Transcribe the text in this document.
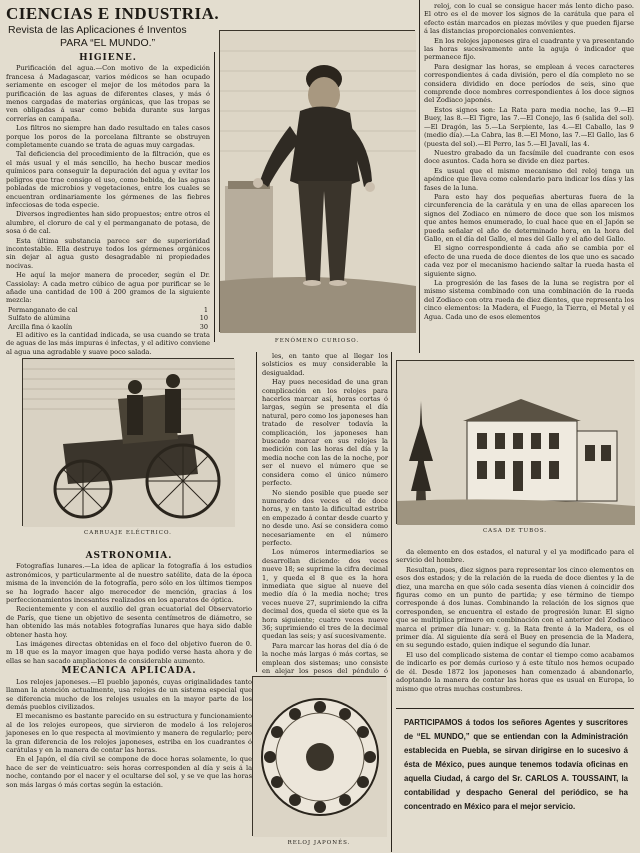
CIENCIAS E INDUSTRIA.
Revista de las Aplicaciones é Inventos
PARA “EL MUNDO.”
HIGIENE.

Purificación del agua.—Con motivo de la expedición francesa á Madagascar, varios médicos se han ocupado seriamente en escoger el mejor de los métodos para la purificación de las aguas de diferentes clases, y más ó menos cargadas de materias orgánicas, que las tropas se ven obligadas á usar como bebida durante sus largas correrías en campaña.

Los filtros no siempre han dado resultado en tales casos porque los poros de la porcelana filtrante se obstruyen completamente cuando se trata de aguas muy cargadas.

Tal deficiencia del procedimiento de la filtración, que es el más usual y el más sencillo, ha hecho buscar medios químicos para conseguir la depuración del agua y evitar los peligros que trae consigo el uso, como bebida, de las aguas pobladas de microbios y vegetaciones, entre los cuales se encuentran ordinariamente los gérmenes de las fiebres infecciosas de toda especie.

Diversos ingredientes han sido propuestos; entre otros el alumbre, el cloruro de cal y el permanganato de potasa, de sosa ó de cal.

Esta última substancia parece ser de superioridad incontestable. Ella destruye todos los gérmenes orgánicos sin dejar al agua gusto desagradable ni propiedades nocivas.

He aquí la mejor manera de proceder, según el Dr. Cassiolay: A cada metro cúbico de agua por purificar se le añade una cantidad de 100 á 200 gramos de la siguiente mezcla:

Permanganato de cal	1
Sulfato de alúmina	10
Arcilla fina ó kaolín	30

El aditivo es la cantidad indicada, se usa cuando se trata de aguas de las más impuras é infectas, y el aditivo conviene al agua una agradable y suave poco salada.

FENÓMENO CURIOSO.

reloj, con lo cual se consigue hacer más lento dicho paso. El otro es el de mover los signos de la carátula que para el efecto están marcados en piezas móviles y que pueden fijarse á las distancias proporcionales convenientes.

En los relojes japoneses gira el cuadrante y va presentando las horas sucesivamente ante la aguja ó indicador que permanece fijo.

Para designar las horas, se emplean á veces caracteres correspondientes á cada división, pero el día completo no se considera dividido en doce períodos de seis, sino que comprende doce nombres correspondientes á los doce signos del Zodiaco japonés.

Estos signos son: La Rata para media noche, las 9.—El Buey, las 8.—El Tigre, las 7.—El Conejo, las 6 (salida del sol).—El Dragón, las 5.—La Serpiente, las 4.—El Caballo, las 9 (medio día).—La Cabra, las 8.—El Mono, las 7.—El Gallo, las 6 (puesta del sol).—El Perro, las 5.—El Javalí, las 4.

Nuestro grabado da un facsímile del cuadrante con esos doce asuntos. Cada hora se divide en diez partes.

Es usual que el mismo mecanismo del reloj tenga un apéndice que lleva como calendario para indicar los días y las fases de la luna.

Para esto hay dos pequeñas aberturas fuera de la circunferencia de la carátula y en una de ellas aparecen los signos del Zodiaco en número de doce que son los mismos que antes hemos enumerado, lo cual hace que en el Japón se pueda señalar el año de determinado hora, en la hora del Gallo, en el día del Gallo, el mes del Gallo y el año del Gallo.

El signo correspondiente á cada año se cambia por el efecto de una rueda de doce dientes de los que uno es sacado cada vez por el mecanismo haciendo saltar la rueda hasta el siguiente signo.

La progresión de las fases de la luna se registra por el mismo sistema combinado con una combinación de la rueda del Zodiaco con otra rueda de diez dientes, que representa los cinco elementos: la Madera, el Fuego, la Tierra, el Metal y el Agua. Cada uno de esos elementos

CARRUAJE ELÉCTRICO.

les, en tanto que al llegar los solsticios es muy considerable la desigualdad.

Hay pues necesidad de una gran complicación en los relojes para hacerlos marcar así, horas cortas ó largas, según se presenta el día natural, pero como los japoneses han tratado de resolver todavía la complicación, los japoneses han buscado marcar en sus relojes la medición con las horas del día y la media noche con las de la noche, por ser el nuevo el número que se considera como el único número perfecto.

No siendo posible que puede ser numerado dos veces el de doce horas, y en tanto la dificultad estriba en empezado á contar desde cuarto y no desde uno. Así se considera como necesariamente en el número perfecto.

Los números intermediarios se desarrollan diciendo: dos veces nueve 18; se suprime la cifra decimal 1, y queda el 8 que es la hora inmediata que sigue al nueve del medio día ó la media noche; tres veces nueve 27, suprimiendo la cifra decimal dos, queda el siete que es la hora siguiente; cuatro veces nueve 36; suprimiendo el tres de la decimal quedan las seis; y así sucesivamente.

Para marcar las horas del día ó de la noche más largas ó más cortas, se emplean dos sistemas; uno consiste en alejar los pesos del péndulo ó

CASA DE TUBOS.
ASTRONOMIA.

Fotografías lunares.—La idea de aplicar la fotografía á los estudios astronómicos, y particularmente al de nuestro satélite, data de la época misma de la invención de la fotografía, pero sólo en los últimos tiempos se ha logrado hacer algo merecedor de mención, gracias á los perfeccionamientos incesantes realizados en los aparatos de óptica.

Recientemente y con el auxilio del gran ecuatorial del Observatorio de París, que tiene un objetivo de sesenta centímetros de diámetro, se han obtenido las más notables fotografías lunares que haya sido dable obtener hasta hoy.

Las imágenes directas obtenidas en el foco del objetivo fueron de 0. m 18 que es la mayor imagen que haya podido verse hasta ahora y de ellas se han sacado ampliaciones de considerable aumento.

MECANICA APLICADA.

Los relojes japoneses.—El pueblo japonés, cuyas originalidades tanto llaman la atención actualmente, usa relojes de un sistema especial que se diferencia mucho de los relojes usuales en la mayor parte de los demás pueblos civilizados.

El mecanismo es bastante parecido en su estructura y funcionamiento al de los relojes europeos, que sirvieron de modelo á los relojeros japoneses en lo que respecta al movimiento y manera de regularlo; pero la gran diferencia de los relojes japoneses, estriba en los cuadrantes ó carátulas y en la manera de contar las horas.

En el Japón, el día civil se compone de doce horas solamente, lo que hace de ser de veinticuatro: seis horas corresponden al día y seis á la noche, contando por el nacer y el ocultarse del sol, y se ve que las horas son más largas ó más cortas según la estación.

RELOJ JAPONÉS.

da elemento en dos estados, el natural y el ya modificado para el servicio del hombre.

Resultan, pues, diez signos para representar los cinco elementos en esos dos estados; y de la relación de la rueda de doce dientes y la de diez, una marcha en que sólo cada sesenta días vienen á coincidir dos figuras como en un punto de partida; y ese término de tiempo corresponde á dos lunas. Combinando la relación de los signos que corresponden, se encuentra el estado de progresión lunar. El signo que se multiplica primero en combinación con el anterior del Zodiaco marca el primer día lunar: v. g. la Rata frente á la Madera, es el primer día. Al siguiente día será el Buey en presencia de la Madera, en su segundo estado, quien indique el segundo día lunar.

El uso del complicado sistema de contar el tiempo como acabamos de indicarlo es por demás curioso y á este título nos hemos ocupado de él. Desde 1872 los japoneses han comenzado á abandonarlo, adoptando la manera de contar las horas que es usual en Europa, lo mismo que otras muchas costumbres.

PARTICIPAMOS á todos los señores Agentes y suscritores de “EL MUNDO,” que se entiendan con la Administración establecida en Puebla, se sirvan dirigirse en lo sucesivo á ésta de México, pues aunque tenemos todavía oficinas en aquella Ciudad, á cargo del Sr. CARLOS A. TOUSSAINT, la contabilidad y despacho General del periódico, se ha concentrado en México para el mejor servicio.
